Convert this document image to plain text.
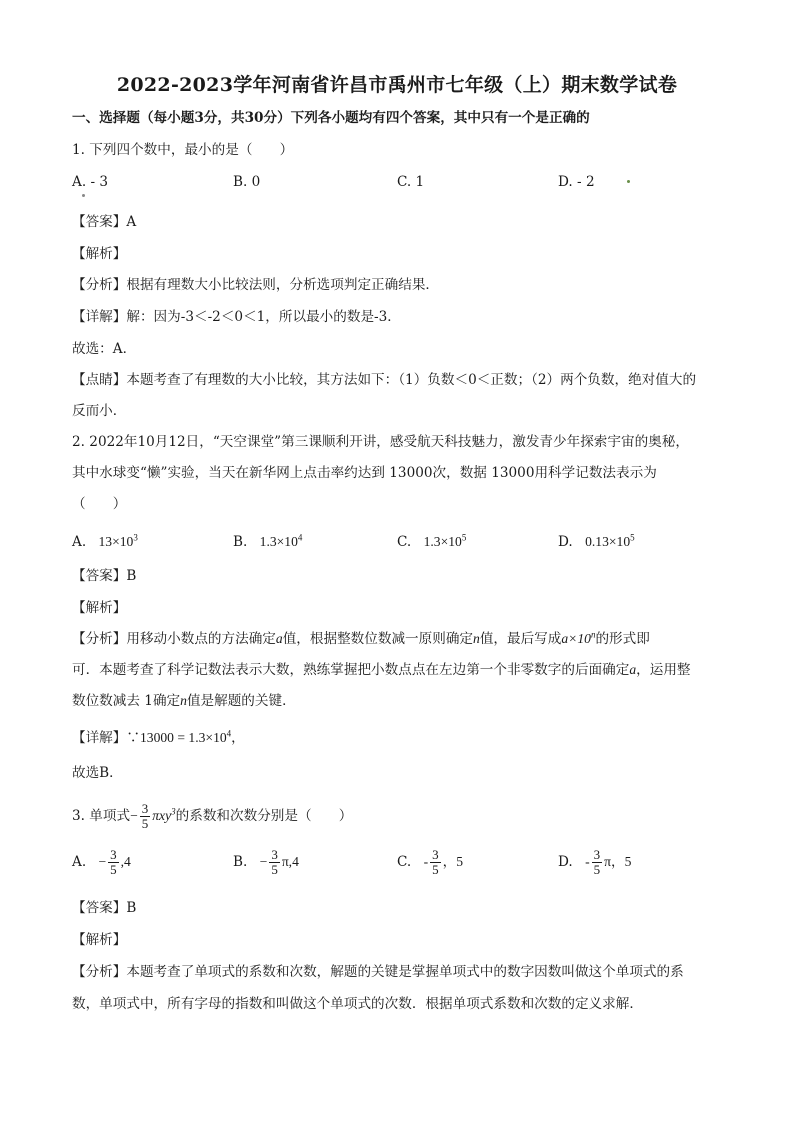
2022-2023学年河南省许昌市禹州市七年级（上）期末数学试卷
一、选择题（每小题3分，共30分）下列各小题均有四个答案，其中只有一个是正确的
1. 下列四个数中，最小的是（　　）
A. - 3	B. 0	C. 1	D. - 2
【答案】A
【解析】
【分析】根据有理数大小比较法则，分析选项判定正确结果．
【详解】解：因为-3＜-2＜0＜1，所以最小的数是-3．
故选：A．
【点睛】本题考查了有理数的大小比较，其方法如下：（1）负数＜0＜正数；（2）两个负数，绝对值大的
反而小．
2. 2022年10月12日，“天空课堂”第三课顺利开讲，感受航天科技魅力，激发青少年探索宇宙的奥秘，
其中水球变“懒”实验，当天在新华网上点击率约达到 13000次，数据 13000用科学记数法表示为
（　　）
A. $13\times 10^3$	B. $1.3\times 10^4$	C. $1.3\times 10^5$	D. $0.13\times 10^5$
【答案】B
【解析】
【分析】用移动小数点的方法确定a值，根据整数位数减一原则确定n值，最后写成$a\times 10^n$的形式即
可．本题考查了科学记数法表示大数，熟练掌握把小数点点在左边第一个非零数字的后面确定a，运用整
数位数减去 1确定n值是解题的关键．
【详解】∵13000 = $1.3\times 10^4$，
故选B．
3. 单项式− $\frac{3}{5} \pi xy^3$的系数和次数分别是（　　）
A. − $\frac{3}{5} ,4$	B. − $\frac{3}{5} \pi,4$	C. - $\frac{3}{5}$ ，5	D. - $\frac{3}{5}$ π，5
【答案】B
【解析】
【分析】本题考查了单项式的系数和次数，解题的关键是掌握单项式中的数字因数叫做这个单项式的系
数，单项式中，所有字母的指数和叫做这个单项式的次数．根据单项式系数和次数的定义求解．
